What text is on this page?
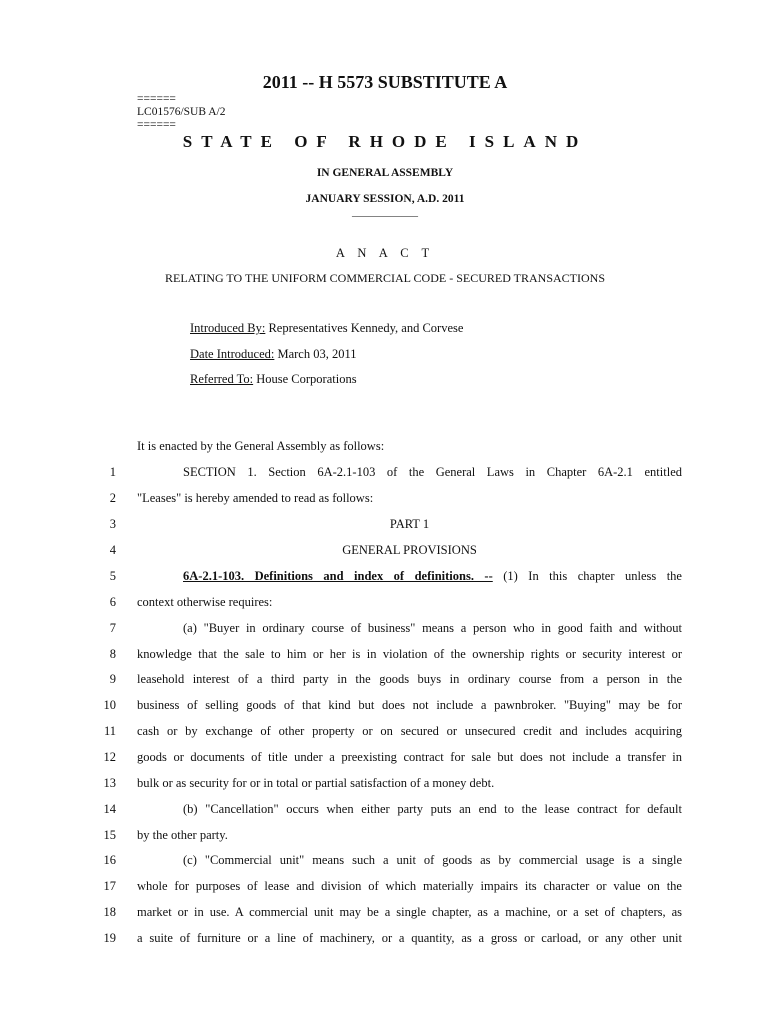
2011 -- H 5573 SUBSTITUTE A
======
LC01576/SUB A/2
======
STATE OF RHODE ISLAND
IN GENERAL ASSEMBLY
JANUARY SESSION, A.D. 2011
____________
A N A C T
RELATING TO THE UNIFORM COMMERCIAL CODE - SECURED TRANSACTIONS
Introduced By: Representatives Kennedy, and Corvese
Date Introduced: March 03, 2011
Referred To: House Corporations
It is enacted by the General Assembly as follows:
1	SECTION 1. Section 6A-2.1-103 of the General Laws in Chapter 6A-2.1 entitled
2 "Leases" is hereby amended to read as follows:
3	PART 1
4	GENERAL PROVISIONS
5	6A-2.1-103. Definitions and index of definitions. -- (1) In this chapter unless the
6 context otherwise requires:
7	(a) "Buyer in ordinary course of business" means a person who in good faith and without
8 knowledge that the sale to him or her is in violation of the ownership rights or security interest or
9 leasehold interest of a third party in the goods buys in ordinary course from a person in the
10 business of selling goods of that kind but does not include a pawnbroker. "Buying" may be for
11 cash or by exchange of other property or on secured or unsecured credit and includes acquiring
12 goods or documents of title under a preexisting contract for sale but does not include a transfer in
13 bulk or as security for or in total or partial satisfaction of a money debt.
14	(b) "Cancellation" occurs when either party puts an end to the lease contract for default
15 by the other party.
16	(c) "Commercial unit" means such a unit of goods as by commercial usage is a single
17 whole for purposes of lease and division of which materially impairs its character or value on the
18 market or in use. A commercial unit may be a single chapter, as a machine, or a set of chapters, as
19 a suite of furniture or a line of machinery, or a quantity, as a gross or carload, or any other unit
